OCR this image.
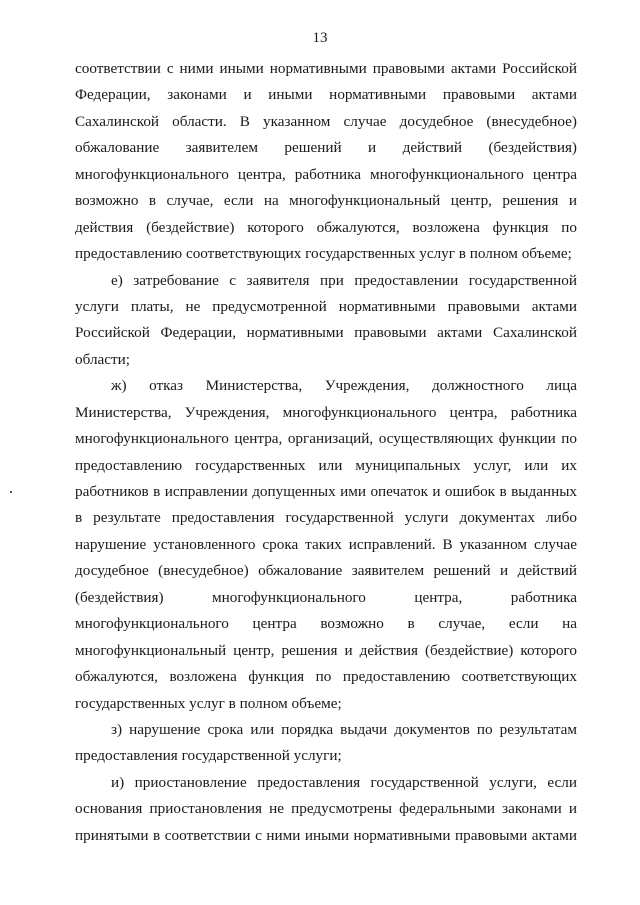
13
соответствии с ними иными нормативными правовыми актами Российской
Федерации, законами и иными нормативными правовыми актами
Сахалинской области. В указанном случае досудебное (внесудебное)
обжалование заявителем решений и действий (бездействия)
многофункционального центра, работника многофункционального центра
возможно в случае, если на многофункциональный центр, решения и
действия (бездействие) которого обжалуются, возложена функция по
предоставлению соответствующих государственных услуг в полном объеме;
е) затребование с заявителя при предоставлении государственной
услуги платы, не предусмотренной нормативными правовыми актами
Российской Федерации, нормативными правовыми актами Сахалинской
области;
ж) отказ Министерства, Учреждения, должностного лица
Министерства, Учреждения, многофункционального центра, работника
многофункционального центра, организаций, осуществляющих функции по
предоставлению государственных или муниципальных услуг, или их
работников в исправлении допущенных ими опечаток и ошибок в выданных
в результате предоставления государственной услуги документах либо
нарушение установленного срока таких исправлений. В указанном случае
досудебное (внесудебное) обжалование заявителем решений и действий
(бездействия) многофункционального центра, работника
многофункционального центра возможно в случае, если на
многофункциональный центр, решения и действия (бездействие) которого
обжалуются, возложена функция по предоставлению соответствующих
государственных услуг в полном объеме;
з) нарушение срока или порядка выдачи документов по результатам
предоставления государственной услуги;
и) приостановление предоставления государственной услуги, если
основания приостановления не предусмотрены федеральными законами и
принятыми в соответствии с ними иными нормативными правовыми актами
